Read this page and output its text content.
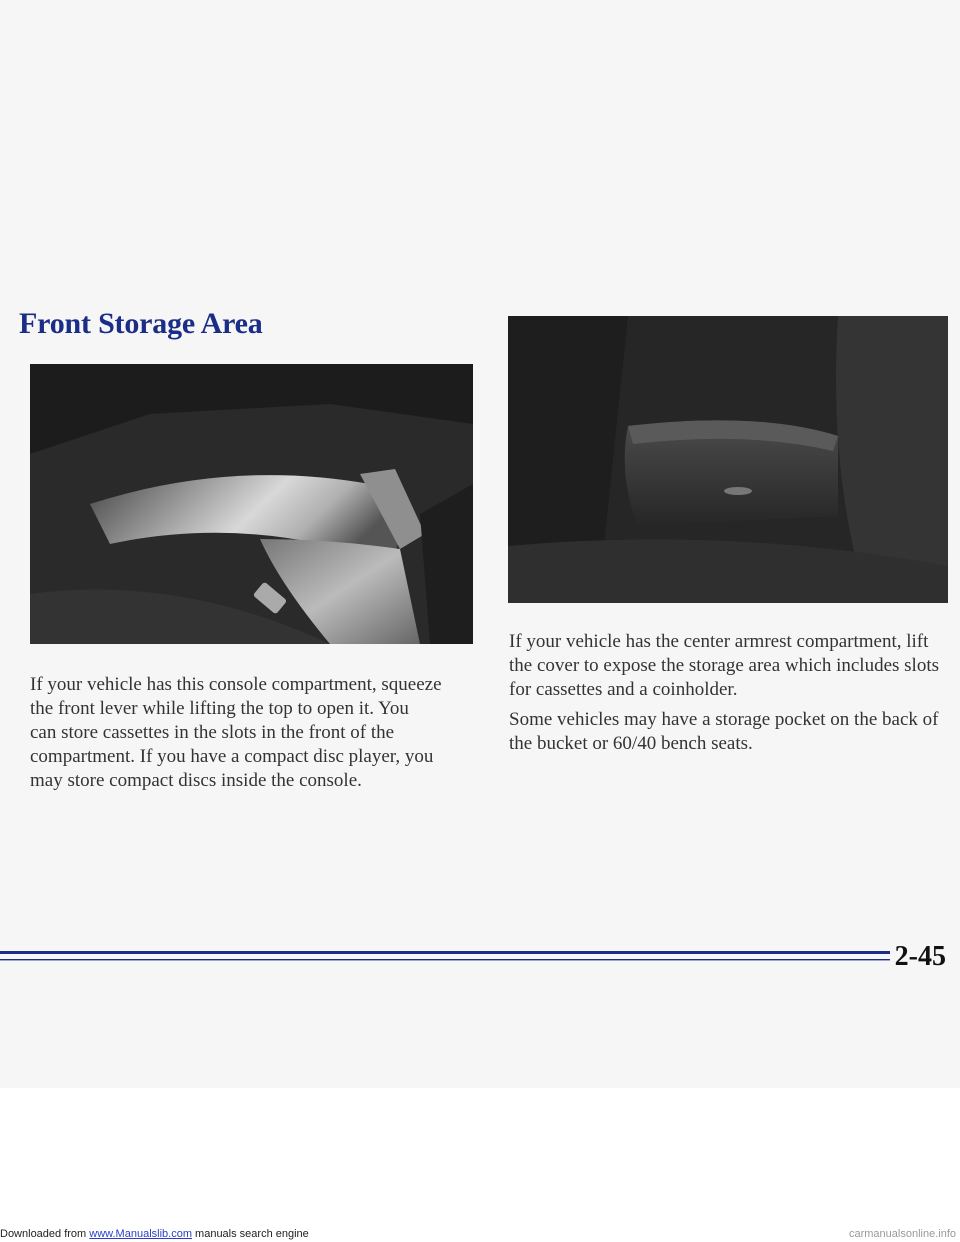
Front Storage Area

If your vehicle has this console compartment, squeeze
the front lever while lifting the top to open it. You
can store cassettes in the slots in the front of the
compartment. If you have a compact disc player, you
may store compact discs inside the console.

If your vehicle has the center armrest compartment, lift
the cover to expose the storage area which includes slots
for cassettes and a coinholder.

Some vehicles may have a storage pocket on the back of
the bucket or 60/40 bench seats.

2-45

Downloaded from www.Manualslib.com manuals search engine	carmanualsonline.info
